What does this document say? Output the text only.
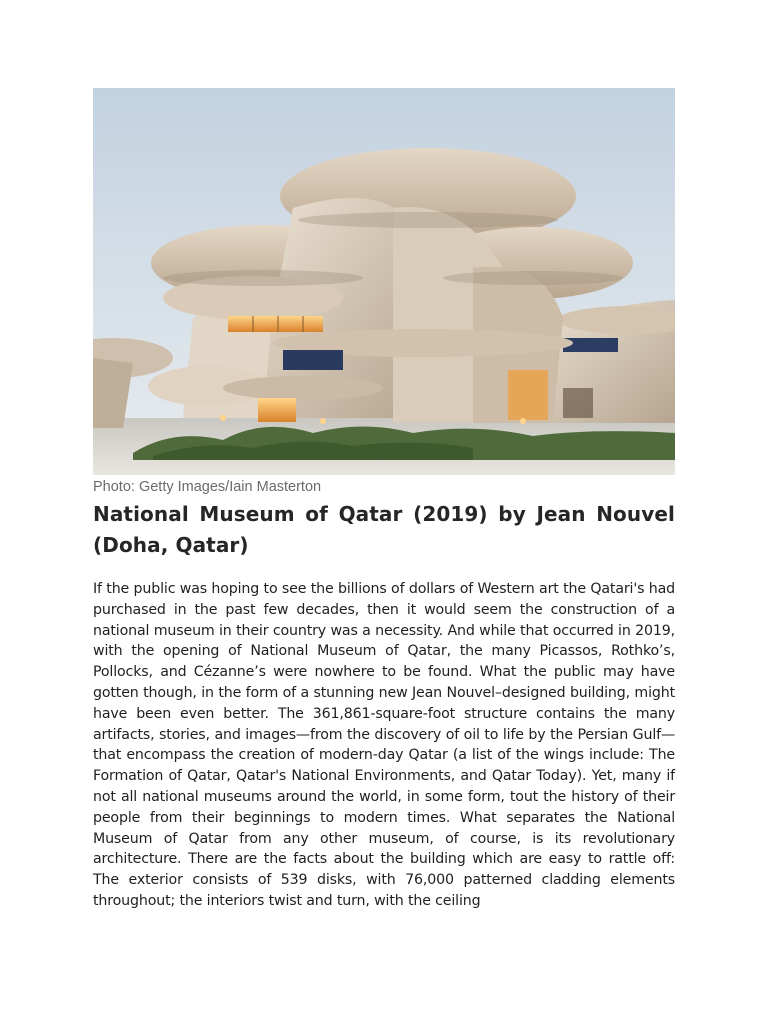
Photo: Getty Images/Iain Masterton
National Museum of Qatar (2019) by Jean Nouvel (Doha, Qatar)

If the public was hoping to see the billions of dollars of Western art the Qatari's had purchased in the past few decades, then it would seem the construction of a national museum in their country was a necessity. And while that occurred in 2019, with the opening of National Museum of Qatar, the many Picassos, Rothko’s, Pollocks, and Cézanne’s were nowhere to be found. What the public may have gotten though, in the form of a stunning new Jean Nouvel–designed building, might have been even better. The 361,861-square-foot structure contains the many artifacts, stories, and images—from the discovery of oil to life by the Persian Gulf—that encompass the creation of modern-day Qatar (a list of the wings include: The Formation of Qatar, Qatar's National Environments, and Qatar Today). Yet, many if not all national museums around the world, in some form, tout the history of their people from their beginnings to modern times. What separates the National Museum of Qatar from any other museum, of course, is its revolutionary architecture. There are the facts about the building which are easy to rattle off: The exterior consists of 539 disks, with 76,000 patterned cladding elements throughout; the interiors twist and turn, with the ceiling
